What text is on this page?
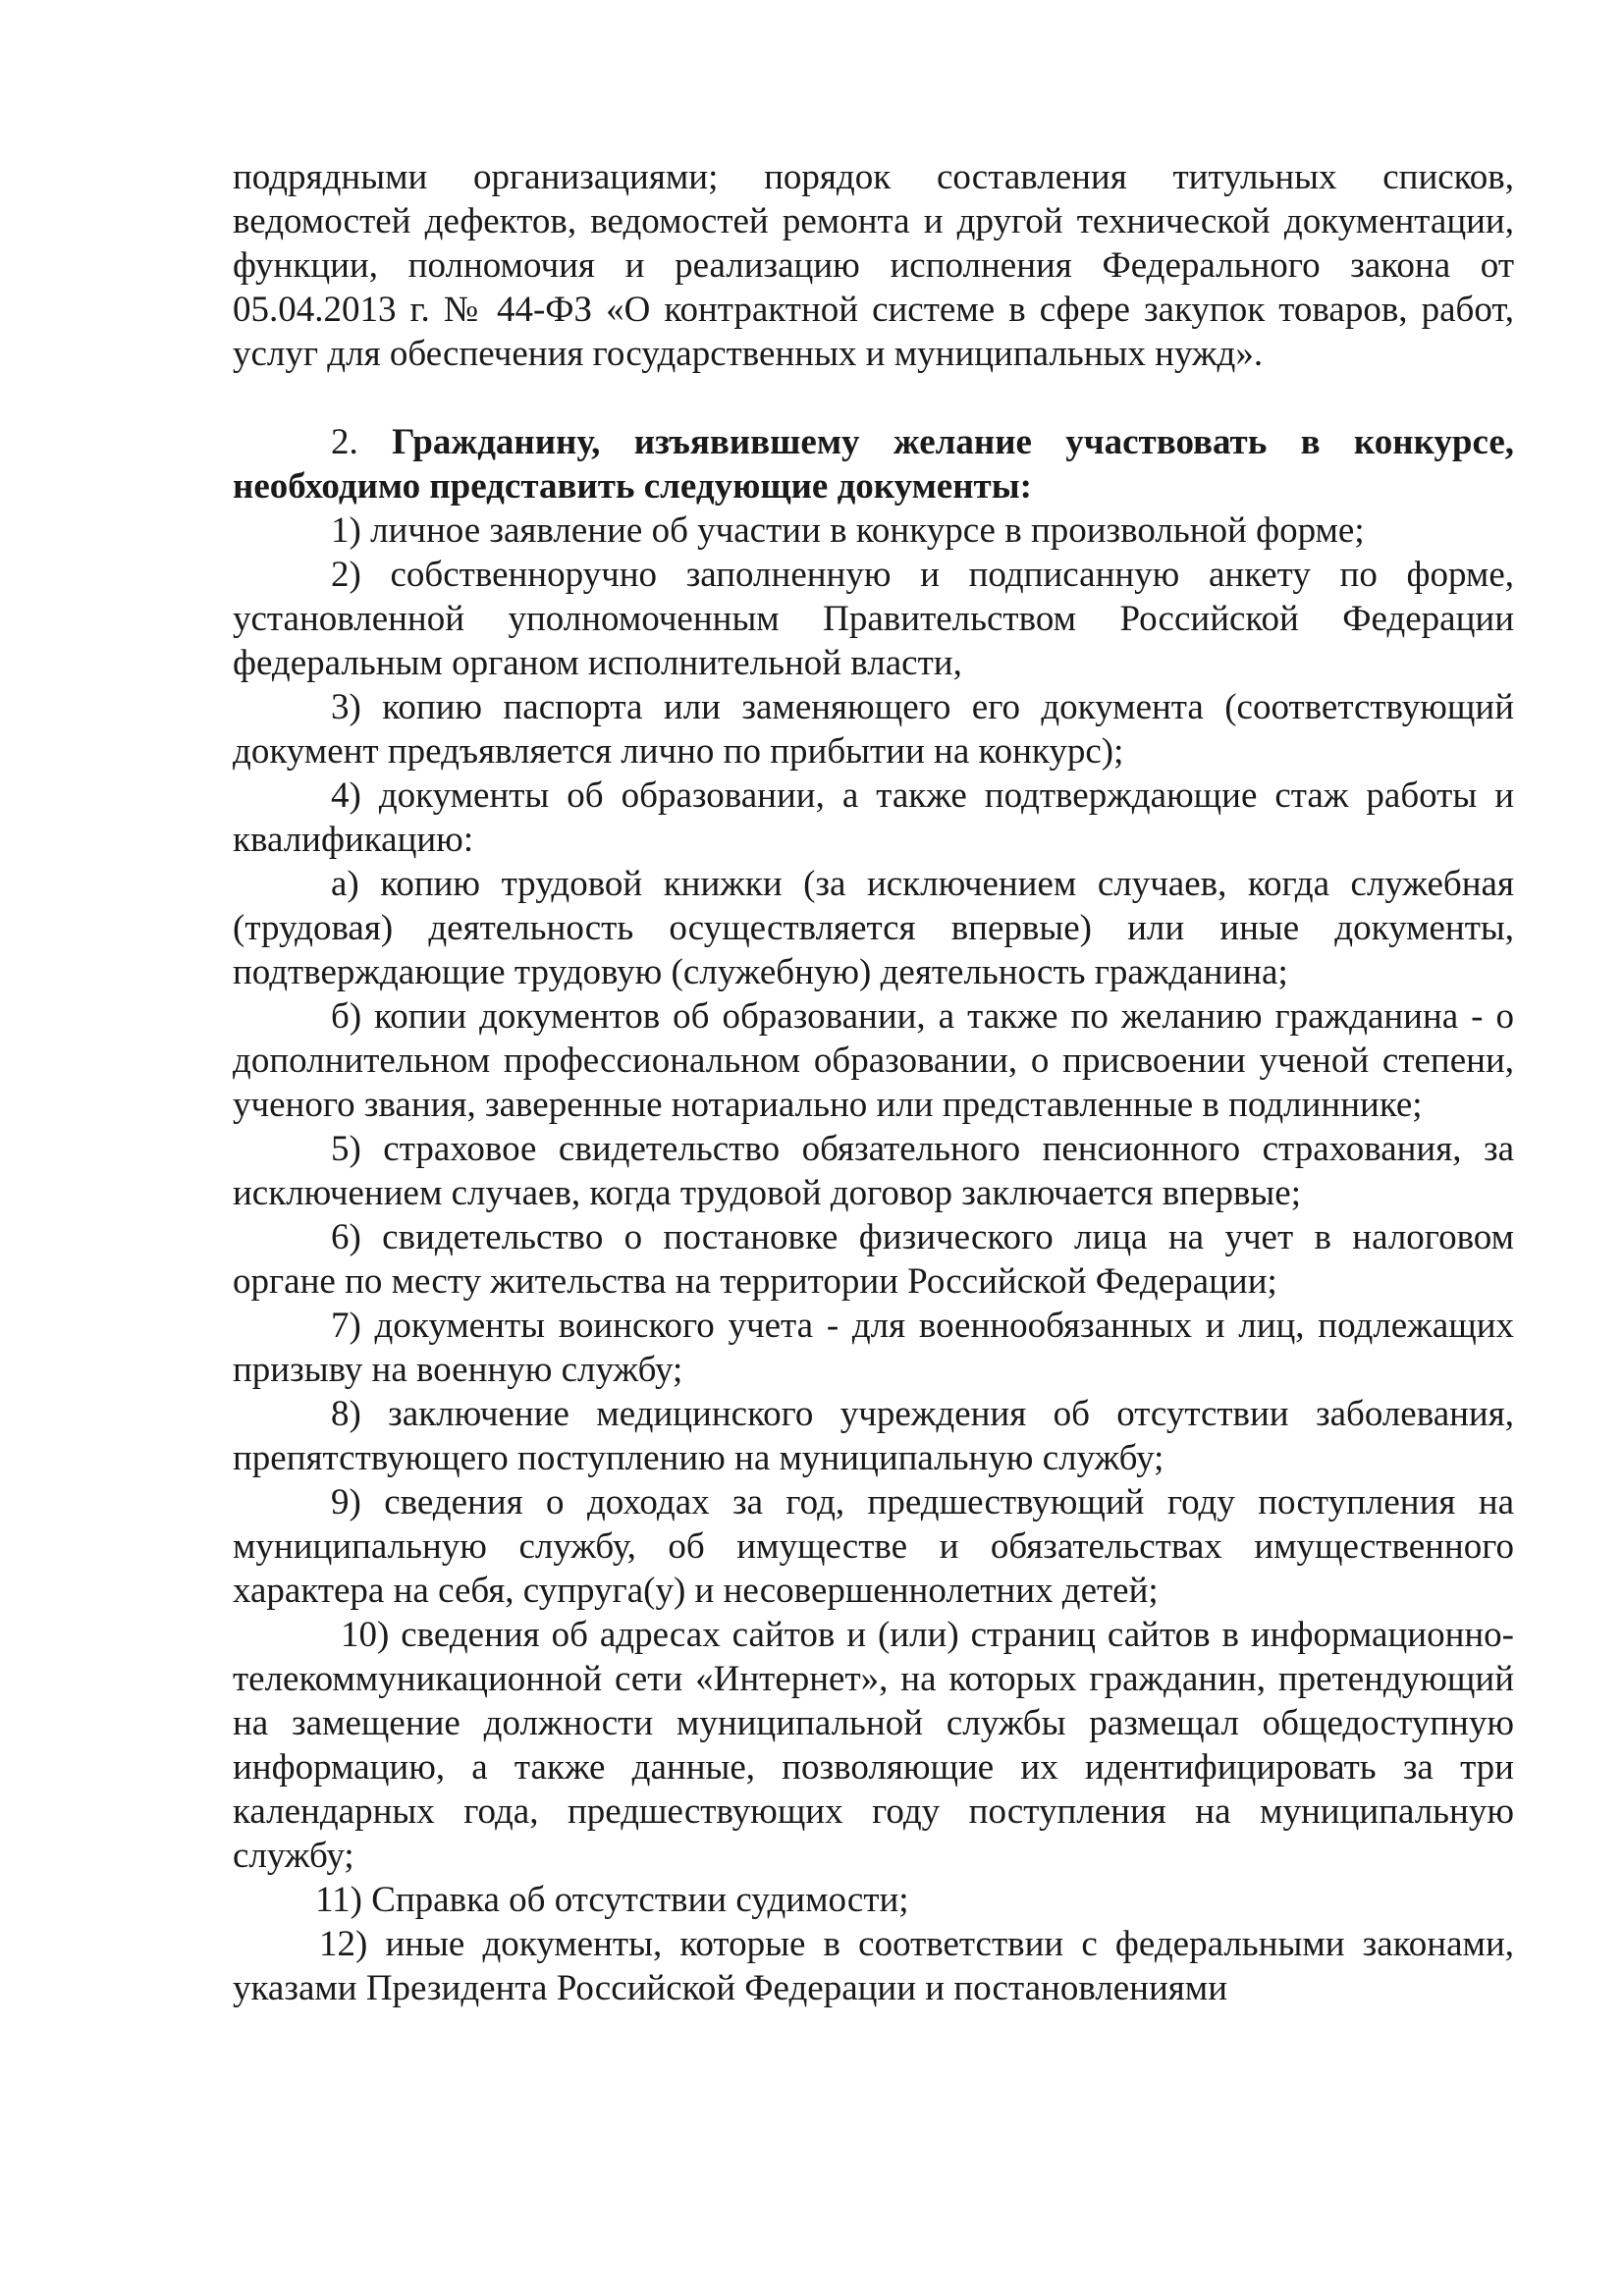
подрядными организациями; порядок составления титульных списков, ведомостей дефектов, ведомостей ремонта и другой технической документации, функции, полномочия и реализацию исполнения Федерального закона от 05.04.2013 г. № 44-ФЗ «О контрактной системе в сфере закупок товаров, работ, услуг для обеспечения государственных и муниципальных нужд».

2. Гражданину, изъявившему желание участвовать в конкурсе, необходимо представить следующие документы:

1) личное заявление об участии в конкурсе в произвольной форме;

2) собственноручно заполненную и подписанную анкету по форме, установленной уполномоченным Правительством Российской Федерации федеральным органом исполнительной власти,

3) копию паспорта или заменяющего его документа (соответствующий документ предъявляется лично по прибытии на конкурс);

4) документы об образовании, а также подтверждающие стаж работы и квалификацию:

а) копию трудовой книжки (за исключением случаев, когда служебная (трудовая) деятельность осуществляется впервые) или иные документы, подтверждающие трудовую (служебную) деятельность гражданина;

б) копии документов об образовании, а также по желанию гражданина - о дополнительном профессиональном образовании, о присвоении ученой степени, ученого звания, заверенные нотариально или представленные в подлиннике;

5) страховое свидетельство обязательного пенсионного страхования, за исключением случаев, когда трудовой договор заключается впервые;

6) свидетельство о постановке физического лица на учет в налоговом органе по месту жительства на территории Российской Федерации;

7) документы воинского учета - для военнообязанных и лиц, подлежащих призыву на военную службу;

8) заключение медицинского учреждения об отсутствии заболевания, препятствующего поступлению на муниципальную службу;

9) сведения о доходах за год, предшествующий году поступления на муниципальную службу, об имуществе и обязательствах имущественного характера на себя, супруга(у) и несовершеннолетних детей;

10) сведения об адресах сайтов и (или) страниц сайтов в информационно-телекоммуникационной сети «Интернет», на которых гражданин, претендующий на замещение должности муниципальной службы размещал общедоступную информацию, а также данные, позволяющие их идентифицировать за три календарных года, предшествующих году поступления на муниципальную службу;

11) Справка об отсутствии судимости;

12) иные документы, которые в соответствии с федеральными законами, указами Президента Российской Федерации и постановлениями
